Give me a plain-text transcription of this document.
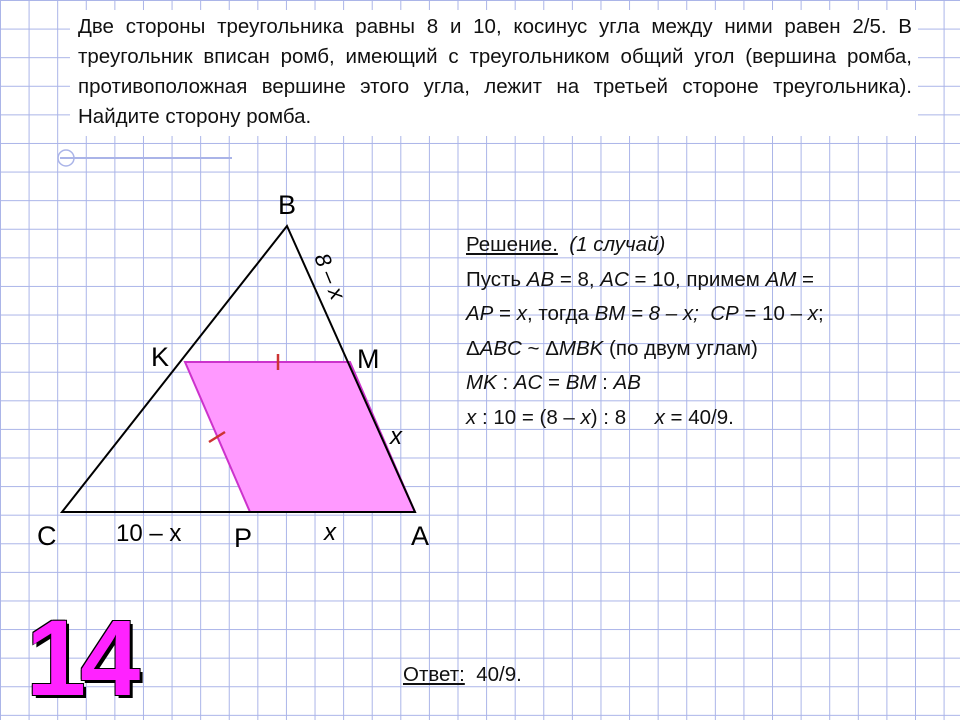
Две стороны треугольника равны 8 и 10, косинус угла между ними равен 2/5. В треугольник вписан ромб, имеющий с треугольником общий угол (вершина ромба, противоположная вершине этого угла, лежит на третьей стороне треугольника). Найдите сторону ромба.
B
K	M
C	P	A
8 – x
x
10 – x	x
Решение. (1 случай)
Пусть AB = 8, AC = 10, примем AM =
AP = x, тогда BM = 8 – x; CP = 10 – x;
ΔABC ~ ΔMBK (по двум углам)
MK : AC = BM : AB
x : 10 = (8 – x) : 8     x = 40/9.
Ответ: 40/9.
14
